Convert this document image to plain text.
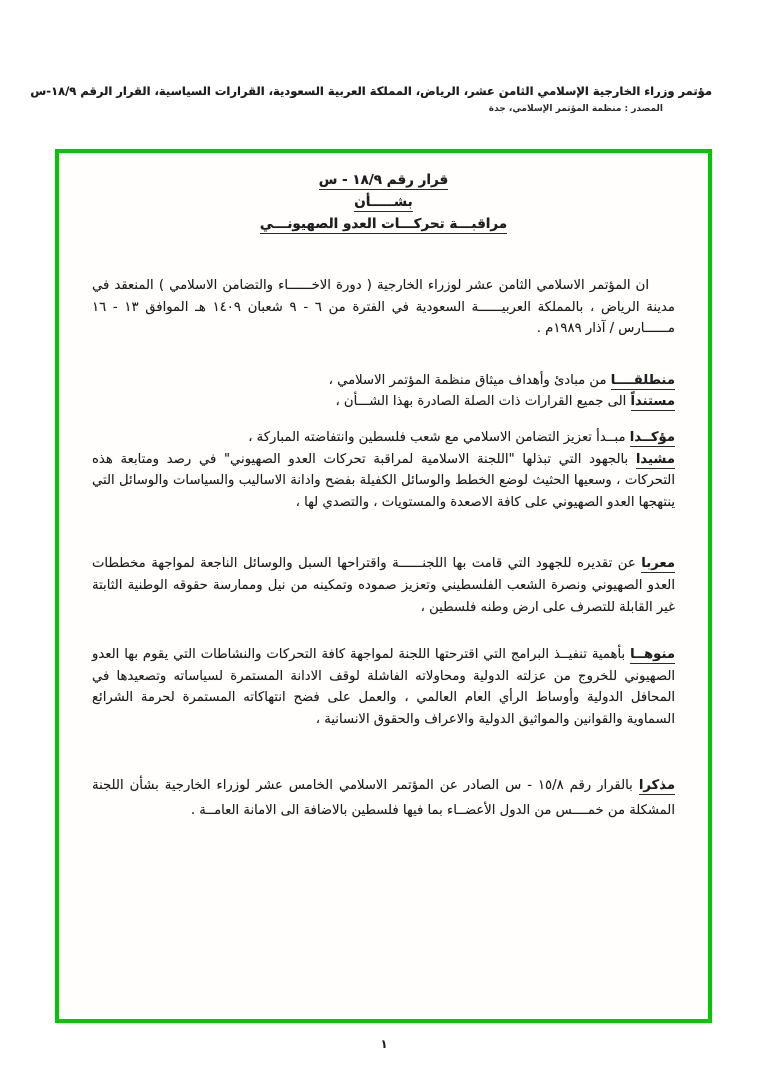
مؤتمر وزراء الخارجية الإسلامي الثامن عشر، الرياض، المملكة العربية السعودية، القرارات السياسية، القرار الرقم ١٨/٩-س
المصدر : منظمة المؤتمر الإسلامي، جدة
قرار رقم ١٨/٩ - س
بشـــــأن
مراقبـــة تحركـــات العدو الصهيونـــي

ان المؤتمر الاسلامي الثامن عشر لوزراء الخارجية ( دورة الاخــــــاء والتضامن الاسلامي ) المنعقد في مدينة الرياض ، بالمملكة العربيــــــة السعودية في الفترة من ٦ - ٩ شعبان ١٤٠٩ هـ الموافق ١٣ - ١٦ مــــــارس / آذار ١٩٨٩م .

منطلقــــا من مبادئ وأهداف ميثاق منظمة المؤتمر الاسلامي ،

مستنداً الى جميع القرارات ذات الصلة الصادرة بهذا الشـــأن ،

مؤكــدا مبــدأ تعزيز التضامن الاسلامي مع شعب فلسطين وانتفاضته المباركة ،

مشيدا بالجهود التي تبذلها "اللجنة الاسلامية لمراقبة تحركات العدو الصهيوني" في رصد ومتابعة هذه التحركات ، وسعيها الحثيث لوضع الخطط والوسائل الكفيلة بفضح وادانة الاساليب والسياسات والوسائل التي ينتهجها العدو الصهيوني على كافة الاصعدة والمستويات ، والتصدي لها ،

معربا عن تقديره للجهود التي قامت بها اللجنــــــة واقتراحها السبل والوسائل الناجعة لمواجهة مخططات العدو الصهيوني ونصرة الشعب الفلسطيني وتعزيز صموده وتمكينه من نيل وممارسة حقوقه الوطنية الثابتة غير القابلة للتصرف على ارض وطنه فلسطين ،

منوهــا بأهمية تنفيــذ البرامج التي اقترحتها اللجنة لمواجهة كافة التحركات والنشاطات التي يقوم بها العدو الصهيوني للخروج من عزلته الدولية ومحاولاته الفاشلة لوقف الادانة المستمرة لسياساته وتصعيدها في المحافل الدولية وأوساط الرأي العام العالمي ، والعمل على فضح انتهاكاته المستمرة لحرمة الشرائع السماوية والقوانين والمواثيق الدولية والاعراف والحقوق الانسانية ،

مذكرا بالقرار رقم ١٥/٨ - س الصادر عن المؤتمر الاسلامي الخامس عشر لوزراء الخارجية بشأن اللجنة المشكلة من خمــــس من الدول الأعضــاء بما فيها فلسطين بالاضافة الى الامانة العامــة .

١
